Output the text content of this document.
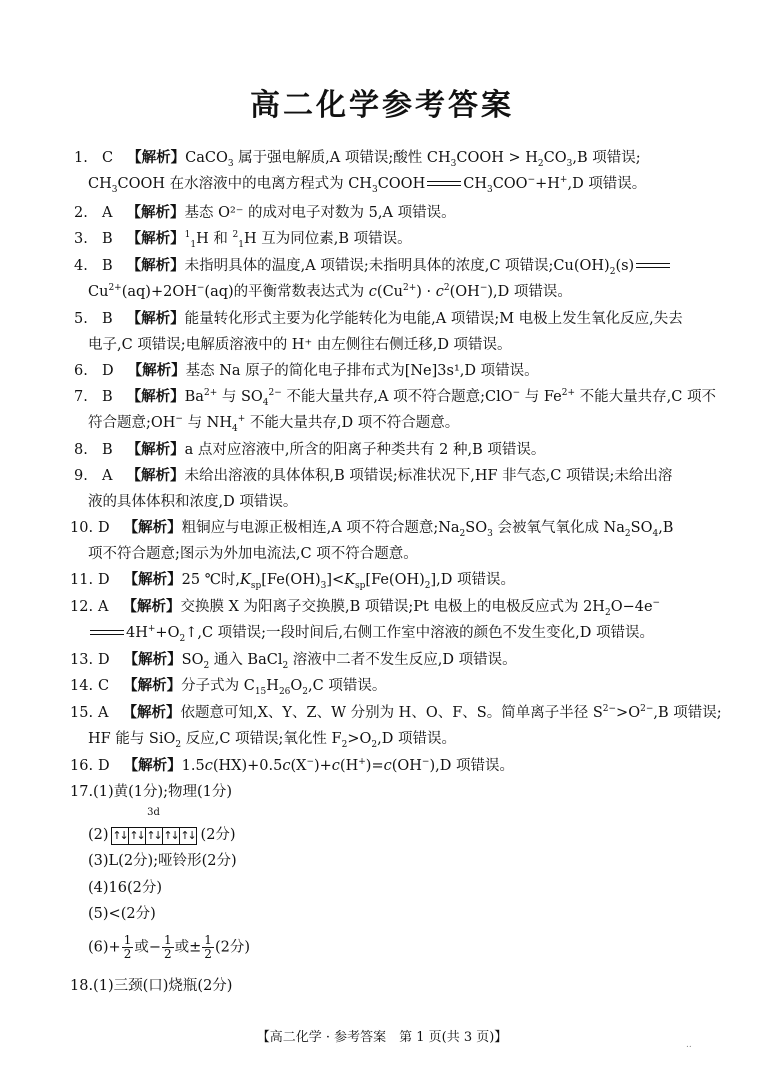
高二化学参考答案
1. C 【解析】CaCO$_3$ 属于强电解质,A 项错误;酸性 $CH_3COOH > H_2CO_3,B$ 项错误;
$CH_3COOH$ 在水溶液中的电离方程式为 $CH_3COOH$	$CH_3COO^-+H^+,D$ 项错误。
2. A 【解析】基态 O²⁻ 的成对电子对数为 5,A 项错误。
3. B 【解析】$^1_1$H 和 $^2_1$H 互为同位素,B 项错误。
4. B 【解析】未指明具体的温度,A 项错误;未指明具体的浓度,C 项错误$;Cu(OH)_2(s)$
$Cu^{2+}(aq)+2OH^-(aq)$的平衡常数表达式为 $c(Cu^{2+}) \cdot c^2(OH^-),D$ 项错误。
5. B 【解析】能量转化形式主要为化学能转化为电能,A 项错误;M 电极上发生氧化反应,失去
电子,C 项错误;电解质溶液中的 H⁺ 由左侧往右侧迁移,D 项错误。
6. D 【解析】基态 Na 原子的简化电子排布式为[Ne]3s¹,D 项错误。
7. B 【解析】$Ba^{2+}$ 与 $SO_4^{2-}$ 不能大量共存,A 项不符合题意;ClO− 与 $Fe^{2+}$ 不能大量共存,C 项不
符合题意;OH− 与 $NH_4^+$ 不能大量共存,D 项不符合题意。
8. B 【解析】a 点对应溶液中,所含的阳离子种类共有 2 种,B 项错误。
9. A 【解析】未给出溶液的具体体积,B 项错误;标准状况下,HF 非气态,C 项错误;未给出溶
液的具体体积和浓度,D 项错误。
10. D 【解析】粗铜应与电源正极相连,A 项不符合题意$;Na_2SO_3$ 会被氧气氧化成 $Na_2SO_4,B$
项不符合题意;图示为外加电流法,C 项不符合题意。
11. D 【解析】25 ℃时$,K_{sp}[Fe(OH)_3]<K_{sp}[Fe(OH)_2],D$ 项错误。
12. A 【解析】交换膜 X 为阳离子交换膜,B 项错误;Pt 电极上的电极反应式为 $2H_2O-4e^-$
$4H^++O_2↑,C$ 项错误;一段时间后,右侧工作室中溶液的颜色不发生变化,D 项错误。
13. D 【解析】$SO_2$ 通入 BaCl$_2$ 溶液中二者不发生反应,D 项错误。
14. C 【解析】分子式为 $C_{15}H_{26}O_2,C$ 项错误。
15. A 【解析】依题意可知,X、Y、Z、W 分别为 H、O、F、S。简单离子半径 $S^{2-}>O^{2-},B$ 项错误;
HF 能与 SiO$_2$ 反应,C 项错误;氧化性 $F_2>O_2,D$ 项错误。
16. D 【解析】1.5c(HX)+0.5c(X−)+c(H+)=c(OH−),D 项错误。
17.(1)黄(1分);物理(1分)
(2)
3d
↑↓ ↑↓ ↑↓ ↑↓ ↑↓ (2分)
(3)L(2分);哑铃形(2分)
(4)16(2分)
(5)<(2分)
$(6)+ \frac{1}{2}$ 或− $\frac{1}{2}$ 或± $\frac{1}{2} (2$分)
18.(1)三颈(口)烧瓶(2分)
【高二化学 · 参考答案　第 1 页(共 3 页)】	..
